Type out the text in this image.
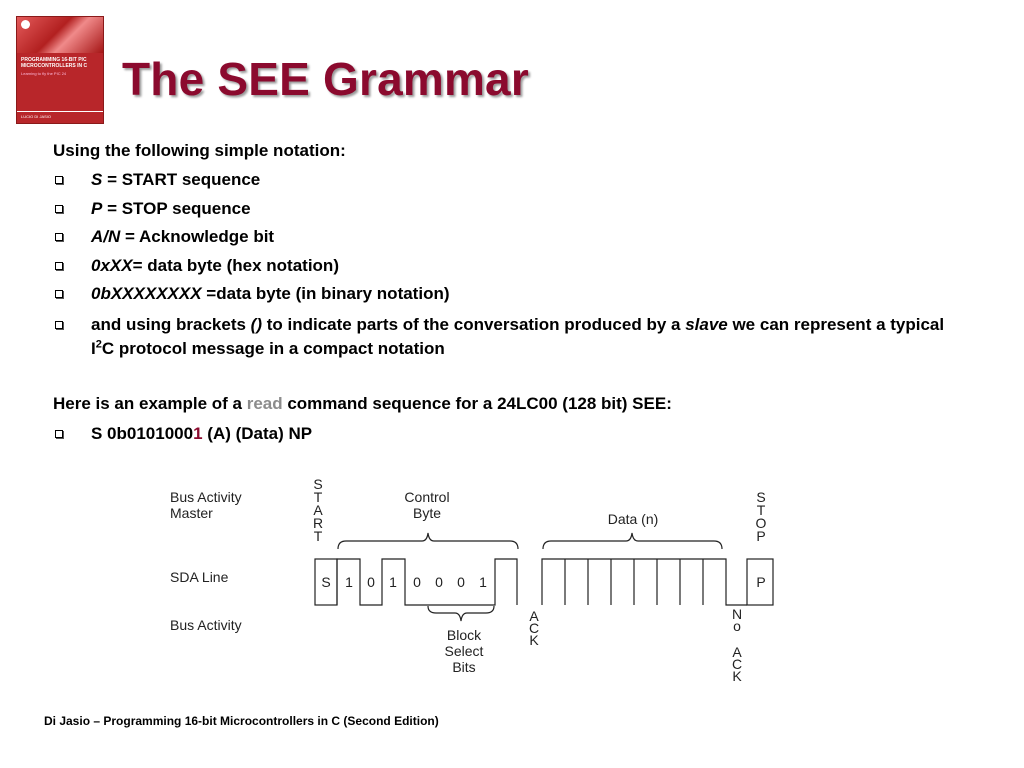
PROGRAMMING 16-BIT PIC MICROCONTROLLERS IN C
Learning to fly the PIC 24
LUCIO DI JASIO
The SEE Grammar

Using the following simple notation:

S = START sequence
P = STOP sequence
A/N = Acknowledge bit
0xXX= data byte (hex notation)
0bXXXXXXXX =data byte (in binary notation)
and using brackets () to indicate parts of the conversation produced by a slave we can represent a typical $I^2C$ protocol message in a compact notation

Here is an example of a read command sequence for a 24LC00 (128 bit) SEE:

S 0b01010001 (A) (Data) NP
Bus Activity
Master
SDA Line
Bus Activity
S
T
A
R
T
S
T
O
P
Control
Byte	Data (n)
S	P
1 0 1 0 0 0 1
A
C
K
N
o
A
C
K
Block
Select
Bits
Di Jasio – Programming 16-bit Microcontrollers in C (Second Edition)
